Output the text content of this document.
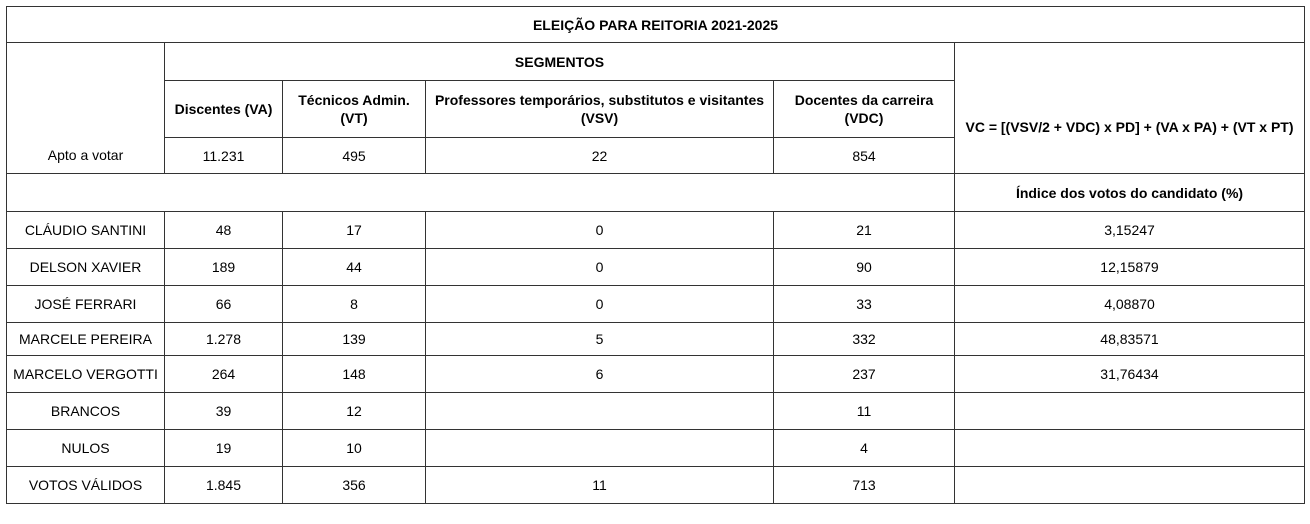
ELEIÇÃO PARA REITORIA 2021-2025					
	SEGMENTOS				
	Discentes (VA)	Técnicos Admin. (VT)	Professores temporários, substitutos e visitantes (VSV)	Docentes da carreira (VDC)	VC = [(VSV/2 + VDC) x PD] + (VA x PA) + (VT x PT)
Apto a votar	11.231	495	22	854	
					Índice dos votos do candidato (%)
CLÁUDIO SANTINI	48	17	0	21	3,15247
DELSON XAVIER	189	44	0	90	12,15879
JOSÉ FERRARI	66	8	0	33	4,08870
MARCELE PEREIRA	1.278	139	5	332	48,83571
MARCELO VERGOTTI	264	148	6	237	31,76434
BRANCOS	39	12		11	
NULOS	19	10		4	
VOTOS VÁLIDOS	1.845	356	11	713	
